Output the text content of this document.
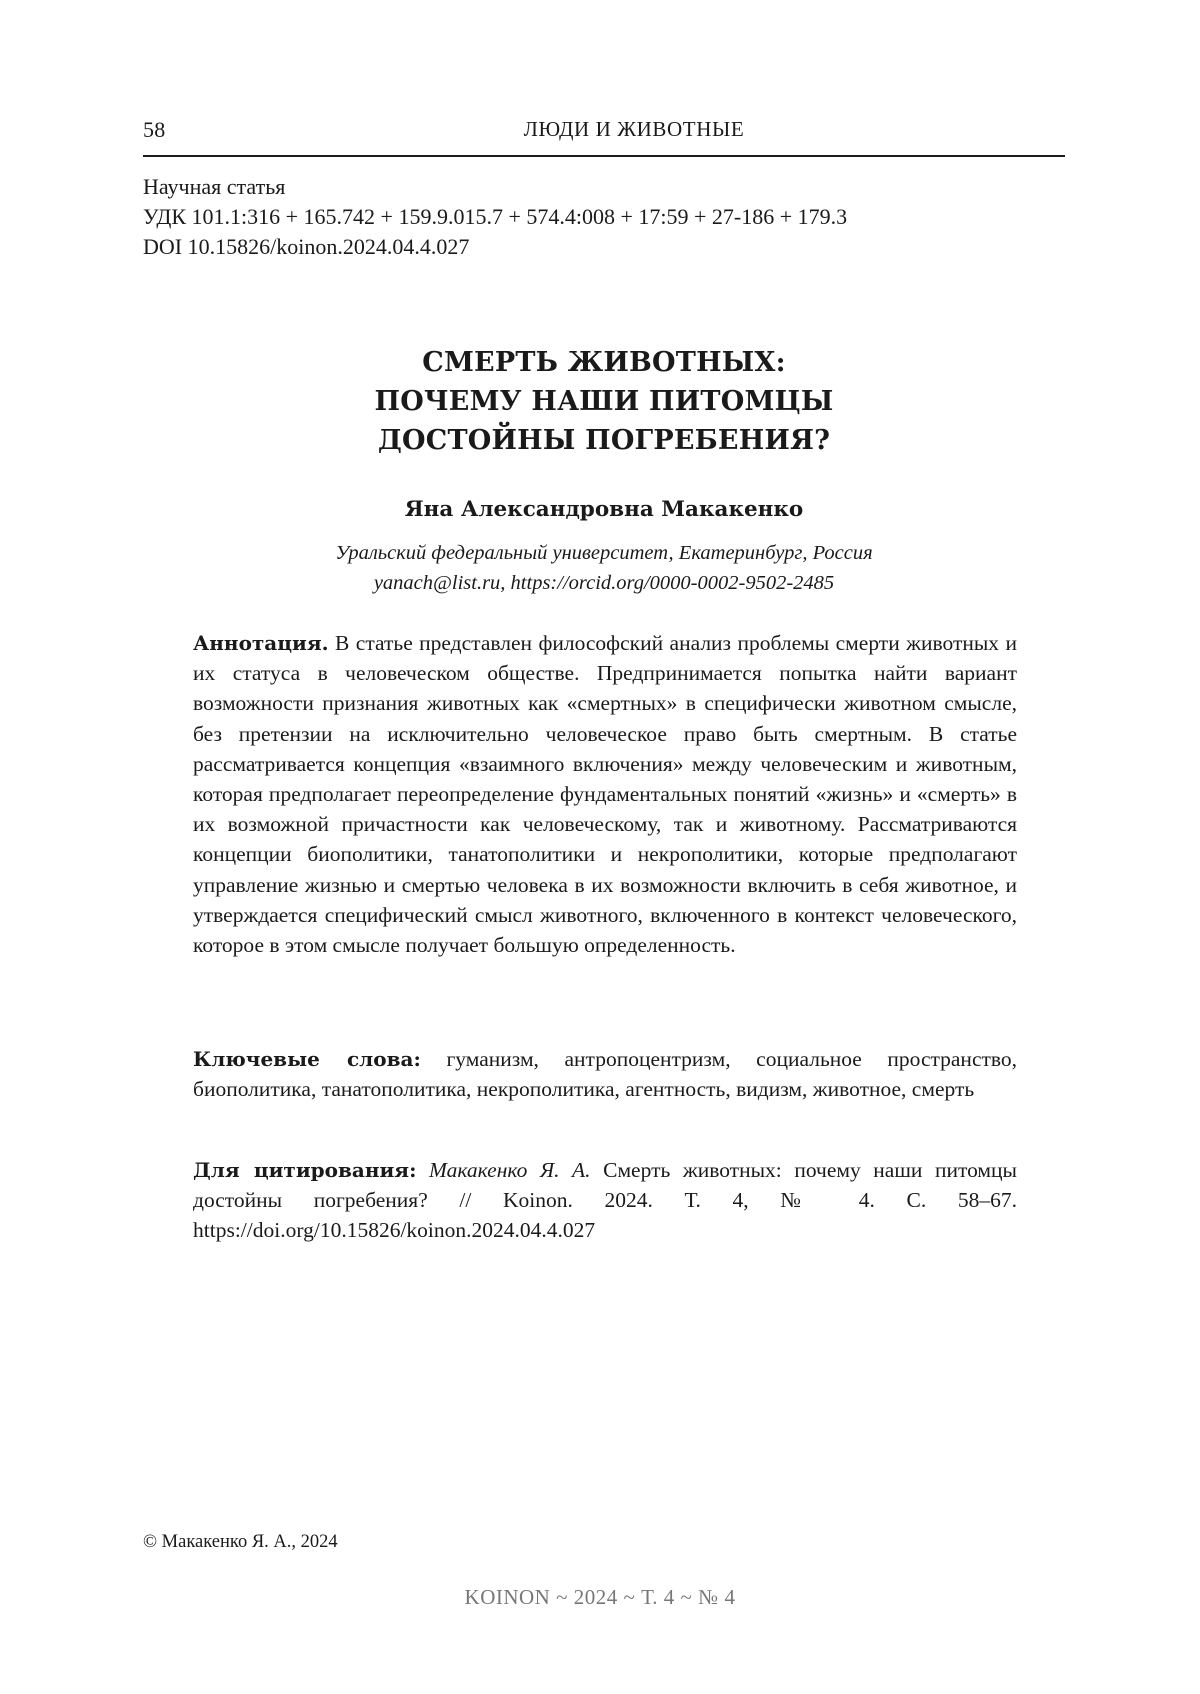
58	ЛЮДИ И ЖИВОТНЫЕ
Научная статья
УДК 101.1:316 + 165.742 + 159.9.015.7 + 574.4:008 + 17:59 + 27-186 + 179.3
DOI 10.15826/koinon.2024.04.4.027
СМЕРТЬ ЖИВОТНЫХ:
ПОЧЕМУ НАШИ ПИТОМЦЫ
ДОСТОЙНЫ ПОГРЕБЕНИЯ?
Яна Александровна Макакенко
Уральский федеральный университет, Екатеринбург, Россия
yanach@list.ru, https://orcid.org/0000-0002-9502-2485
Аннотация. В статье представлен философский анализ проблемы смерти животных и их статуса в человеческом обществе. Предпринимается попытка найти вариант возможности признания животных как «смертных» в специфически животном смысле, без претензии на исключительно человеческое право быть смертным. В статье рассматривается концепция «взаимного включения» между человеческим и животным, которая предполагает переопределение фундаментальных понятий «жизнь» и «смерть» в их возможной причастности как человеческому, так и животному. Рассматриваются концепции биополитики, танатополитики и некрополитики, которые предполагают управление жизнью и смертью человека в их возможности включить в себя животное, и утверждается специфический смысл животного, включенного в контекст человеческого, которое в этом смысле получает большую определенность.
Ключевые слова: гуманизм, антропоцентризм, социальное пространство, биополитика, танатополитика, некрополитика, агентность, видизм, животное, смерть
Для цитирования: Макакенко Я. А. Смерть животных: почему наши питомцы достойны погребения? // Koinon. 2024. Т. 4, № 4. С. 58–67. https://doi.org/10.15826/koinon.2024.04.4.027
© Макакенко Я. А., 2024
KOINON ~ 2024 ~ Т. 4 ~ № 4
